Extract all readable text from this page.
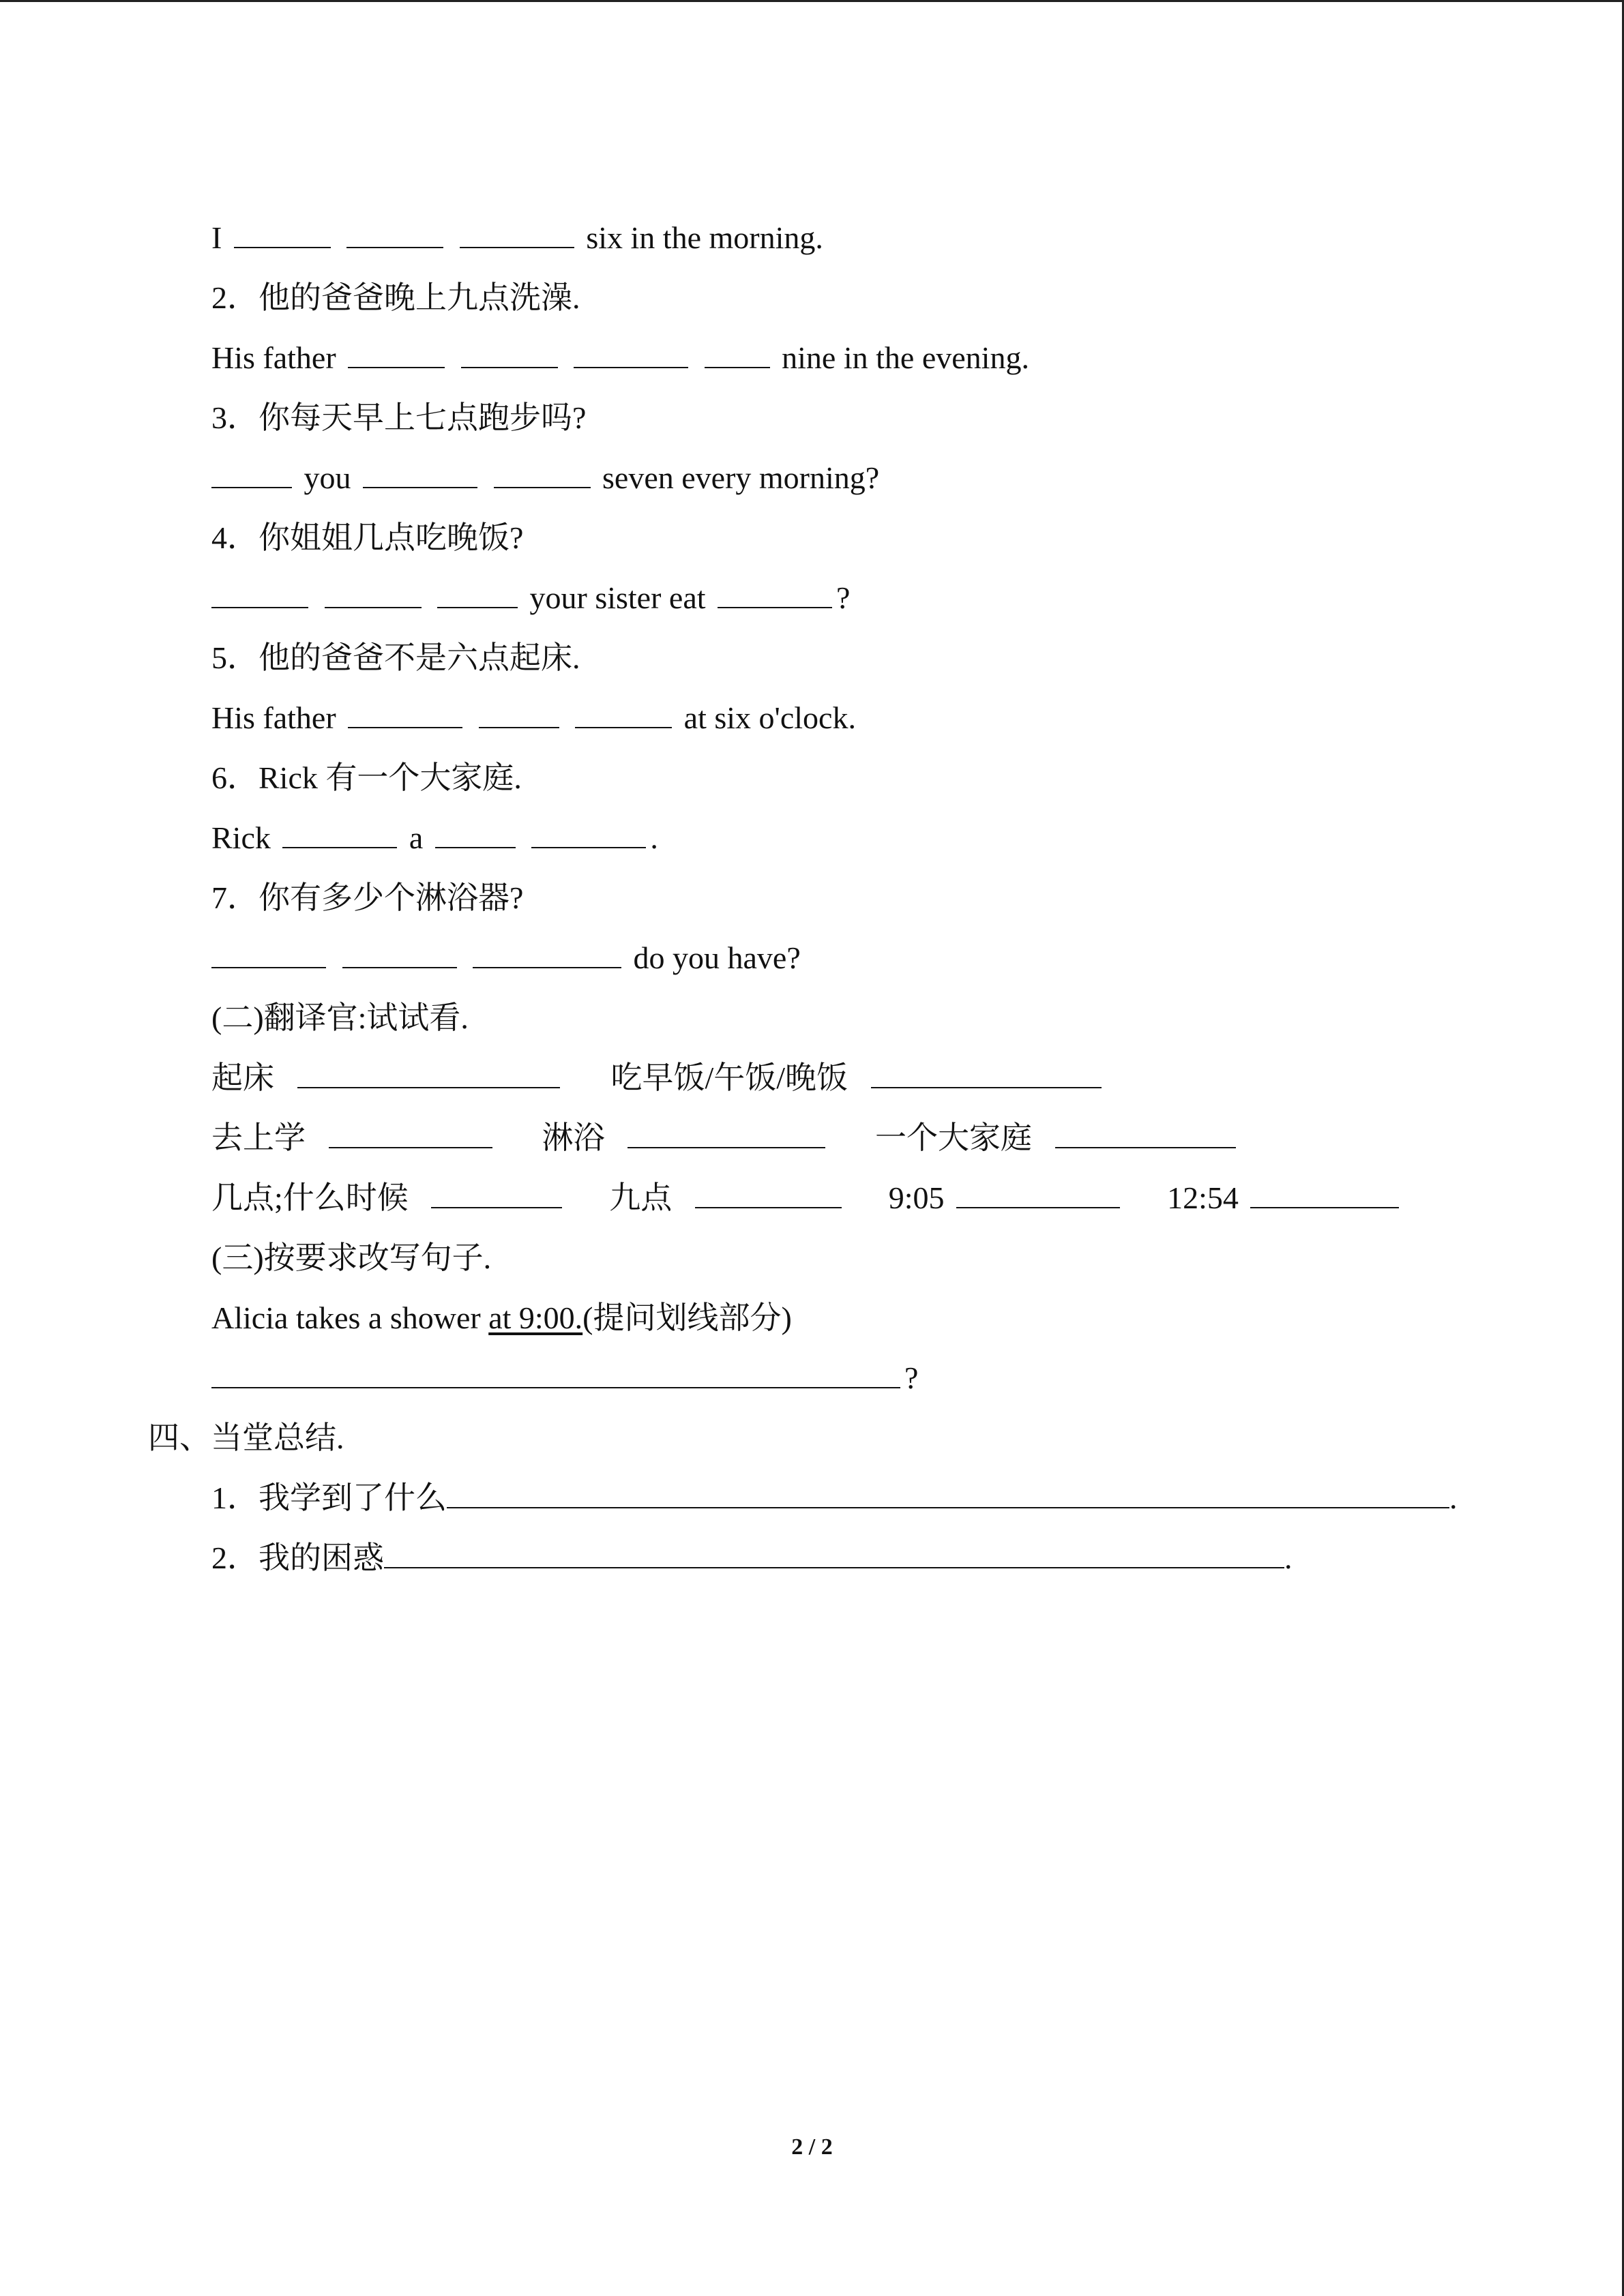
I	six in the morning.
2．他的爸爸晚上九点洗澡.
His father	nine in the evening.
3．你每天早上七点跑步吗?
you	seven every morning?
4．你姐姐几点吃晚饭?
your sister eat	?
5．他的爸爸不是六点起床.
His father	at six o'clock.
6．Rick 有一个大家庭.
Rick	a	.
7．你有多少个淋浴器?
do you have?
(二)翻译官:试试看.
起床	吃早饭/午饭/晚饭
去上学	淋浴	一个大家庭
几点;什么时候	九点	9:05	12:54
(三)按要求改写句子.
Alicia takes a shower at 9:00.(提问划线部分)
?
四、当堂总结.
1．我学到了什么	.
2．我的困惑	.
2 / 2
